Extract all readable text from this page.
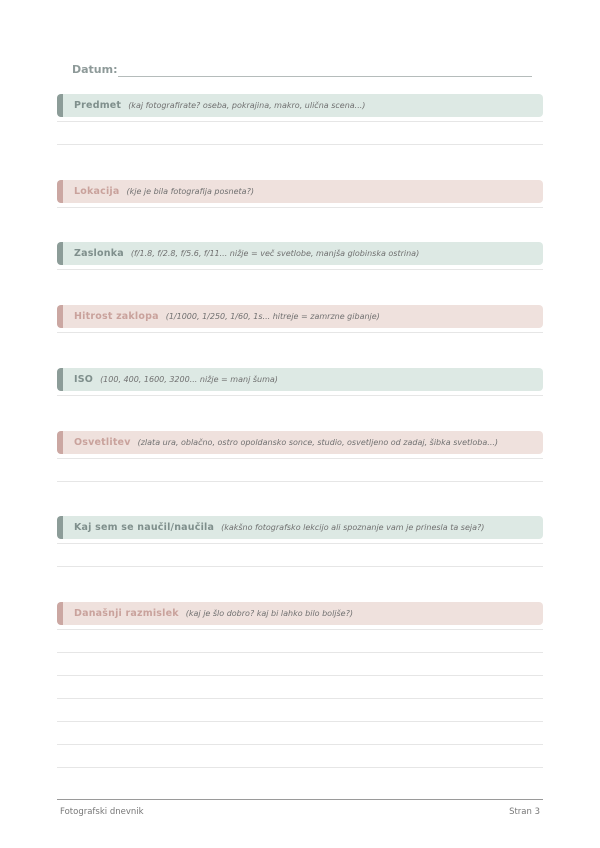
Datum:
Predmet (kaj fotografirate? oseba, pokrajina, makro, ulična scena...)
Lokacija (kje je bila fotografija posneta?)
Zaslonka (f/1.8, f/2.8, f/5.6, f/11... nižje = več svetlobe, manjša globinska ostrina)
Hitrost zaklopa (1/1000, 1/250, 1/60, 1s... hitreje = zamrzne gibanje)
ISO (100, 400, 1600, 3200... nižje = manj šuma)
Osvetlitev (zlata ura, oblačno, ostro opoldansko sonce, studio, osvetljeno od zadaj, šibka svetloba...)
Kaj sem se naučil/naučila (kakšno fotografsko lekcijo ali spoznanje vam je prinesla ta seja?)
Današnji razmislek (kaj je šlo dobro? kaj bi lahko bilo boljše?)
Fotografski dnevnik	Stran 3
